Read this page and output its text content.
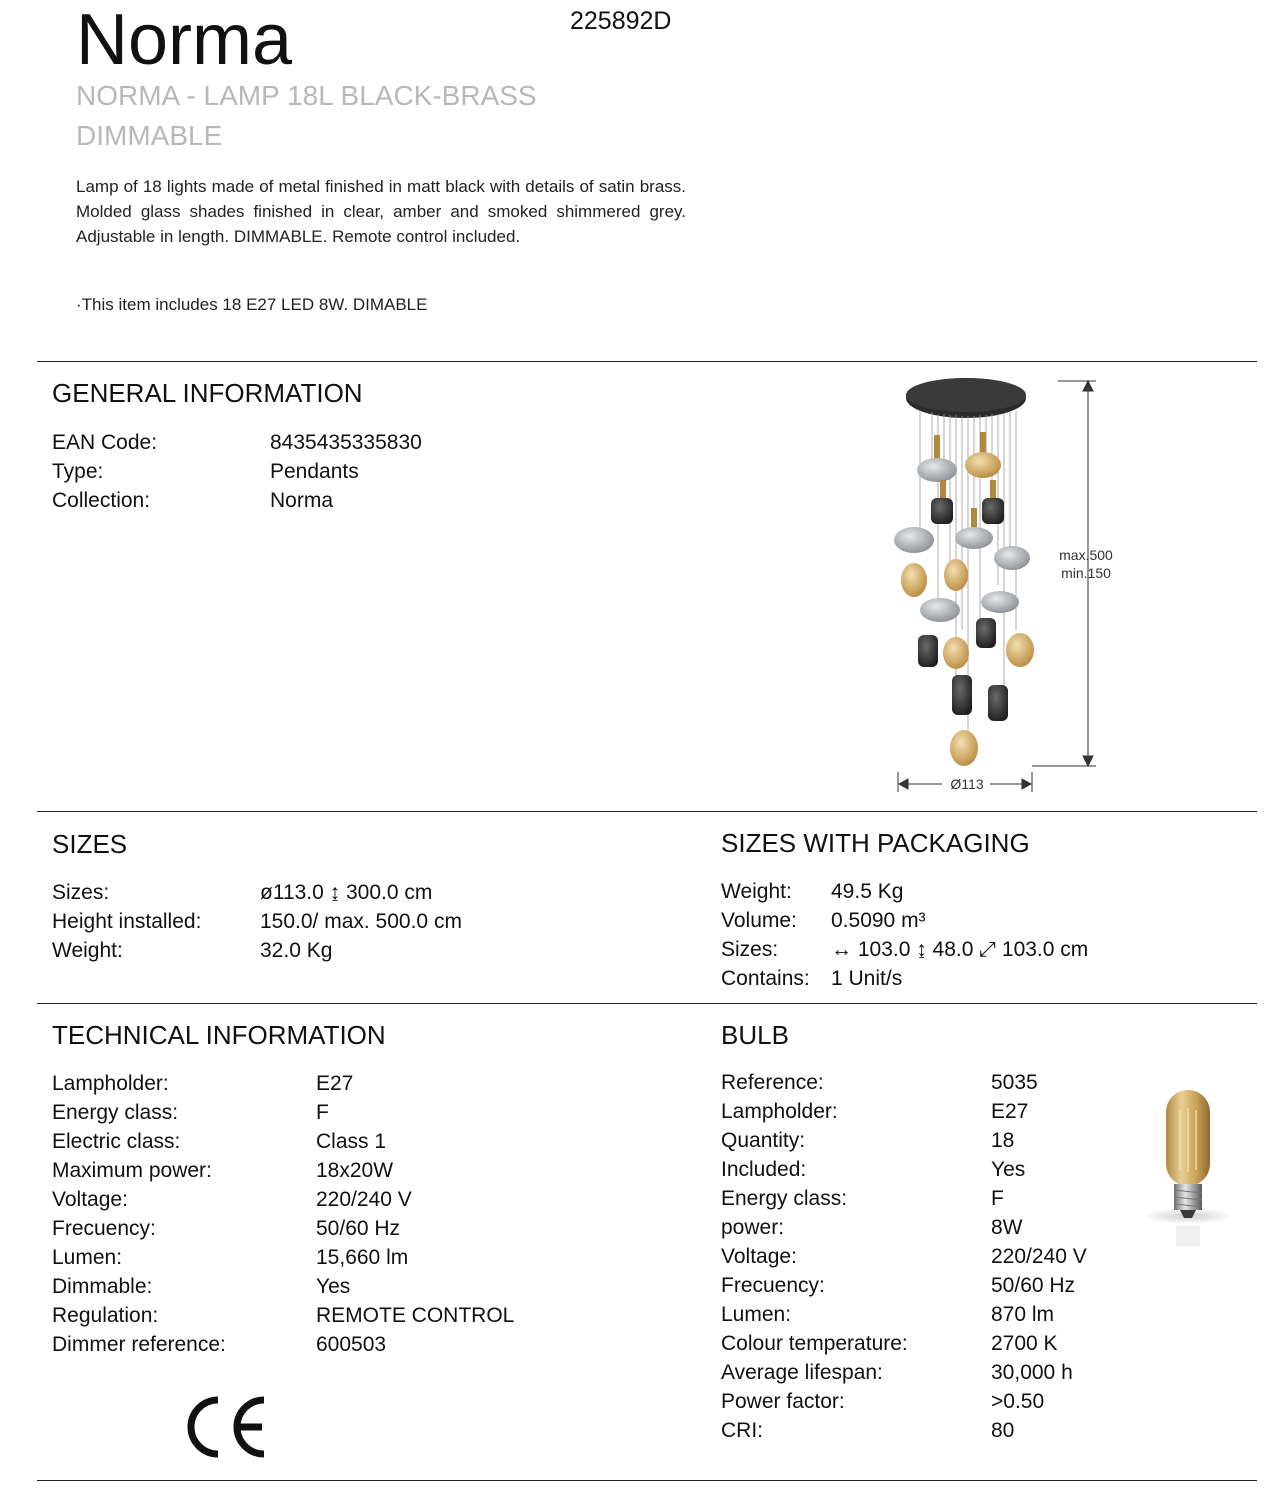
Norma	225892D
NORMA - LAMP 18L BLACK-BRASS DIMMABLE
Lamp of 18 lights made of metal finished in matt black with details of satin brass. Molded glass shades finished in clear, amber and smoked shimmered grey. Adjustable in length. DIMMABLE. Remote control included.
·This item includes 18 E27 LED 8W. DIMABLE
GENERAL INFORMATION
EAN Code:	8435435335830
Type:	Pendants
Collection:	Norma
max.500
min.150
Ø113
SIZES
Sizes:	ø113.0 ↨ 300.0 cm
Height installed:	150.0/ max. 500.0 cm
Weight:	32.0 Kg
SIZES WITH PACKAGING
Weight: 49.5 Kg
Volume: 0.5090 m³
Sizes:	↔ 103.0 ↨ 48.0 ⤢ 103.0 cm
Contains: 1 Unit/s
TECHNICAL INFORMATION
Lampholder:	E27
Energy class:	F
Electric class:	Class 1
Maximum power:	18x20W
Voltage:	220/240 V
Frecuency:	50/60 Hz
Lumen:	15,660 lm
Dimmable:	Yes
Regulation:	REMOTE CONTROL
Dimmer reference:	600503
BULB
Reference:	5035
Lampholder:	E27
Quantity:	18
Included:	Yes
Energy class:	F
power:	8W
Voltage:	220/240 V
Frecuency:	50/60 Hz
Lumen:	870 lm
Colour temperature:	2700 K
Average lifespan:	30,000 h
Power factor:	>0.50
CRI:	80
